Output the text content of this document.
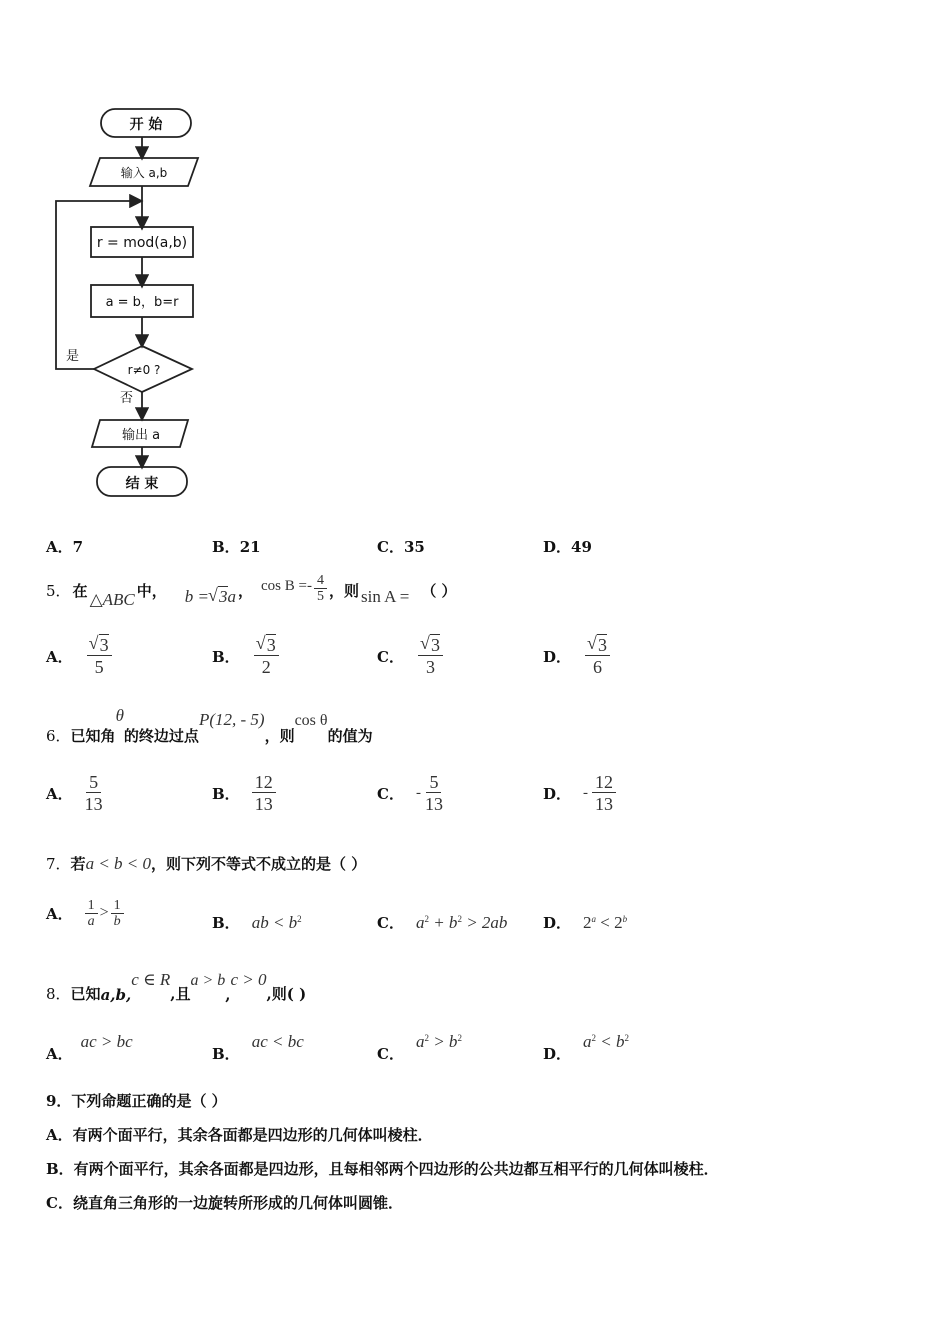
开 始
输入 a,b
r = mod(a,b)
a = b，b=r
r≠0 ?
是
否
输出 a
结 束
A．7	B．21	C．35	D．49
5． 在 △ABC 中， b = √ 3a ， $\cos B =- \frac{4}{5}$ ，则 sin A = （ ）
A． √ $\frac{3}{5}$	B． √ $\frac{3}{2}$	C． √ $\frac{3}{3}$	D． √ $\frac{3}{6}$
6． 已知角
θ
的终边过点
P(12, - 5)
，则
cos θ
的值为
A． $\frac{5}{13}$	B． $\frac{12}{13}$	C． - $\frac{5}{13}$	D． - $\frac{12}{13}$
7．若a < b < 0，则下列不等式不成立的是（ ）
A． $\frac{1}{a} > \frac{1}{b}$	B． ab < $b^2$	C． $a^2 + b^2 > 2ab$ D． $2^a < 2^b$
8． 已知 a,b,
c ∈ R
,且
a > b
,
c > 0
,则( )
A．
ac > bc
B．
ac < bc
C．
$a^2 > b^2$
D．
$a^2 < b^2$
9．下列命题正确的是（ ）
A．有两个面平行，其余各面都是四边形的几何体叫棱柱．
B．有两个面平行，其余各面都是四边形，且每相邻两个四边形的公共边都互相平行的几何体叫棱柱．
C．绕直角三角形的一边旋转所形成的几何体叫圆锥．
